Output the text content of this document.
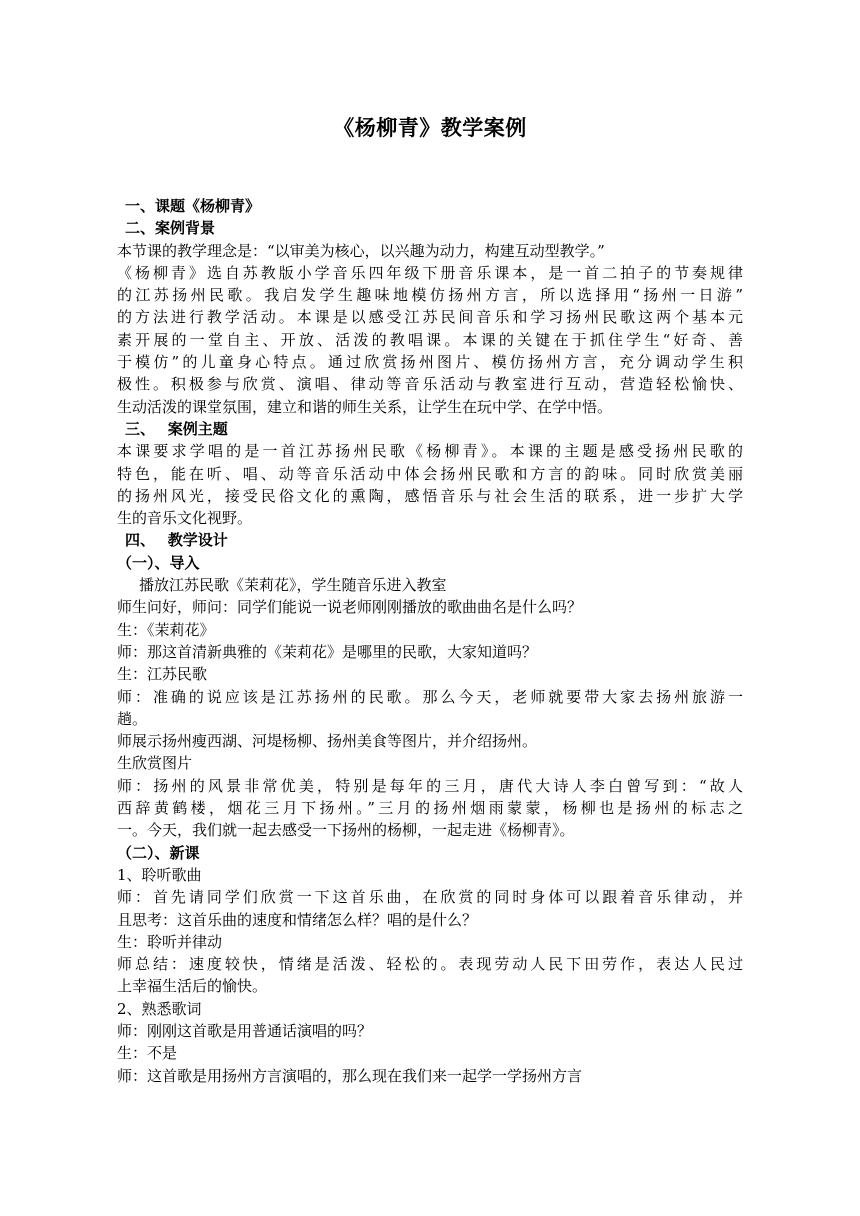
《杨柳青》教学案例
一、课题《杨柳青》
二、案例背景
本节课的教学理念是：“以审美为核心，以兴趣为动力，构建互动型教学。”
《杨柳青》选自苏教版小学音乐四年级下册音乐课本，是一首二拍子的节奏规律
的江苏扬州民歌。我启发学生趣味地模仿扬州方言，所以选择用“扬州一日游”
的方法进行教学活动。本课是以感受江苏民间音乐和学习扬州民歌这两个基本元
素开展的一堂自主、开放、活泼的教唱课。本课的关键在于抓住学生“好奇、善
于模仿”的儿童身心特点。通过欣赏扬州图片、模仿扬州方言，充分调动学生积
极性。积极参与欣赏、演唱、律动等音乐活动与教室进行互动，营造轻松愉快、
生动活泼的课堂氛围，建立和谐的师生关系，让学生在玩中学、在学中悟。
三、　 案例主题
本课要求学唱的是一首江苏扬州民歌《杨柳青》。本课的主题是感受扬州民歌的
特色，能在听、唱、动等音乐活动中体会扬州民歌和方言的韵味。同时欣赏美丽
的扬州风光，接受民俗文化的熏陶，感悟音乐与社会生活的联系，进一步扩大学
生的音乐文化视野。
四、　 教学设计
（一）、导入
播放江苏民歌《茉莉花》，学生随音乐进入教室
师生问好，师问：同学们能说一说老师刚刚播放的歌曲曲名是什么吗？
生：《茉莉花》
师：那这首清新典雅的《茉莉花》是哪里的民歌，大家知道吗？
生：江苏民歌
师：准确的说应该是江苏扬州的民歌。那么今天，老师就要带大家去扬州旅游一
趟。
师展示扬州瘦西湖、河堤杨柳、扬州美食等图片，并介绍扬州。
生欣赏图片
师：扬州的风景非常优美，特别是每年的三月，唐代大诗人李白曾写到：“故人
西辞黄鹤楼，烟花三月下扬州。”三月的扬州烟雨蒙蒙，杨柳也是扬州的标志之
一。今天，我们就一起去感受一下扬州的杨柳，一起走进《杨柳青》。
（二）、新课
1、聆听歌曲
师：首先请同学们欣赏一下这首乐曲，在欣赏的同时身体可以跟着音乐律动，并
且思考：这首乐曲的速度和情绪怎么样？唱的是什么？
生：聆听并律动
师总结：速度较快，情绪是活泼、轻松的。表现劳动人民下田劳作，表达人民过
上幸福生活后的愉快。
2、熟悉歌词
师：刚刚这首歌是用普通话演唱的吗？
生：不是
师：这首歌是用扬州方言演唱的，那么现在我们来一起学一学扬州方言
